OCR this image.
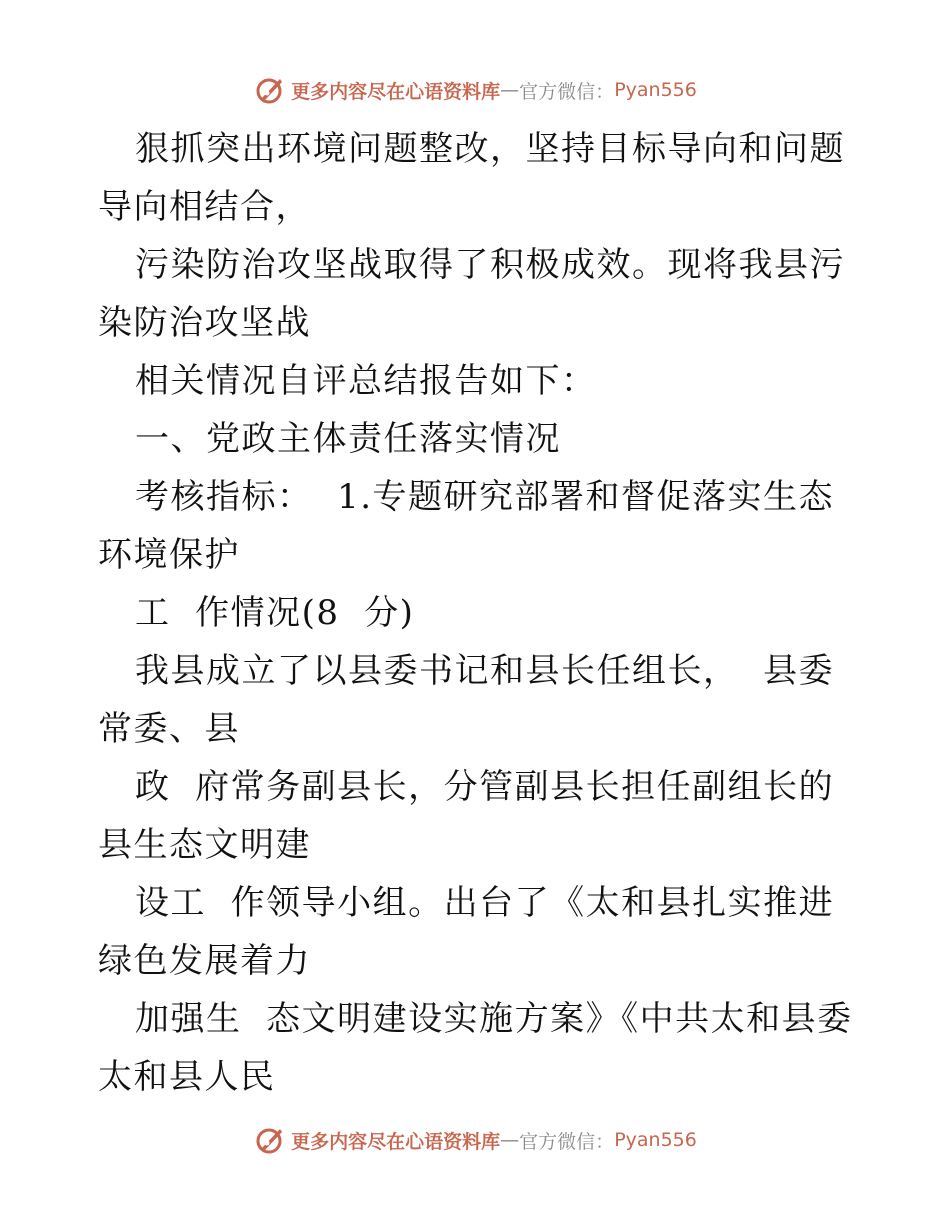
更多内容尽在心语资料库 — 官方微信： Pyan556

狠抓突出环境问题整改，坚持目标导向和问题导向相结合，

污染防治攻坚战取得了积极成效。现将我县污染防治攻坚战

相关情况自评总结报告如下：

一、党政主体责任落实情况

考核指标：  1.专题研究部署和督促落实生态环境保护

工  作情况(8  分)

我县成立了以县委书记和县长任组长，  县委常委、县

政  府常务副县长，分管副县长担任副组长的县生态文明建

设工  作领导小组。出台了《太和县扎实推进绿色发展着力

加强生  态文明建设实施方案》《中共太和县委太和县人民

更多内容尽在心语资料库 — 官方微信： Pyan556
